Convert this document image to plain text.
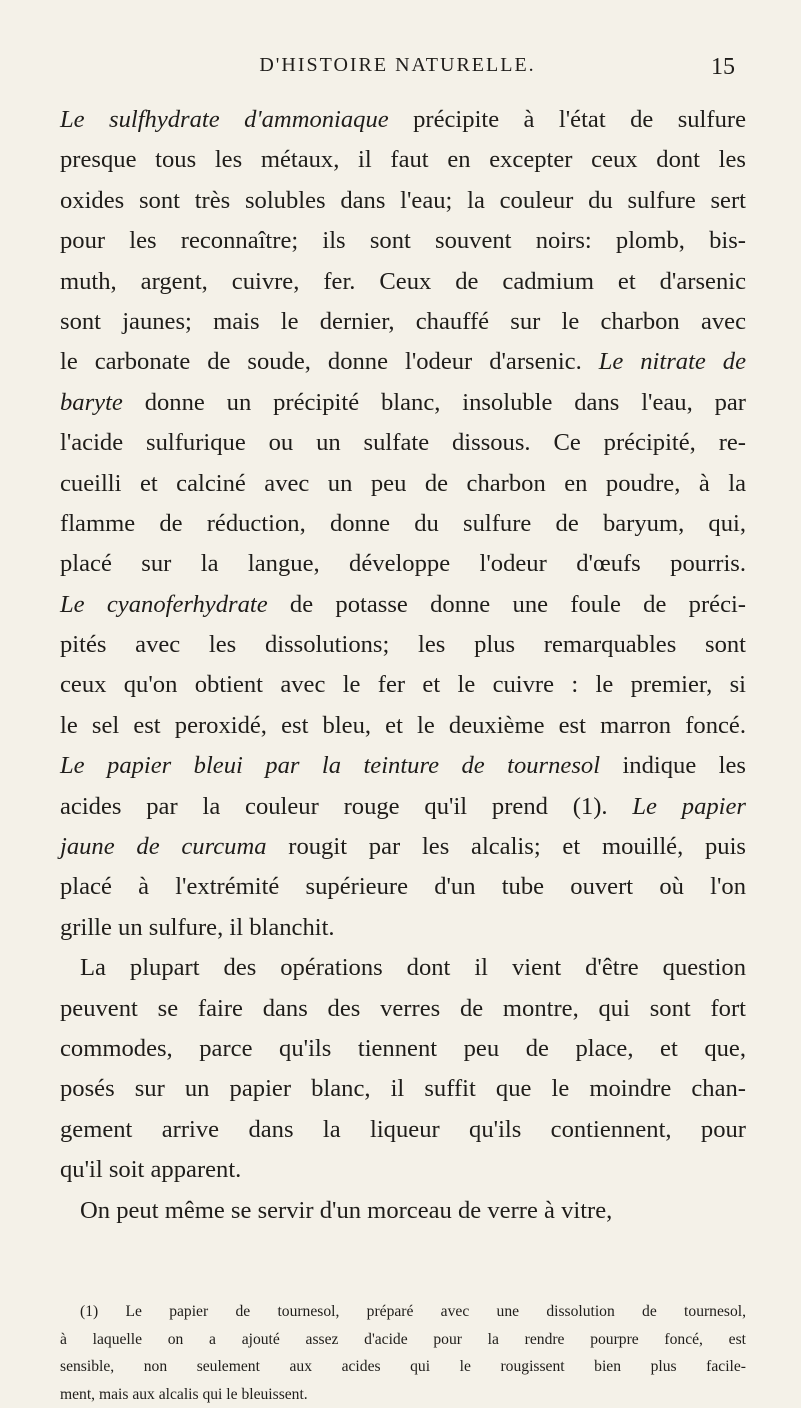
D'HISTOIRE NATURELLE.	15
Le sulfhydrate d'ammoniaque précipite à l'état de sulfure
presque tous les métaux, il faut en excepter ceux dont les
oxides sont très solubles dans l'eau; la couleur du sulfure sert
pour les reconnaître; ils sont souvent noirs: plomb, bis-
muth, argent, cuivre, fer. Ceux de cadmium et d'arsenic
sont jaunes; mais le dernier, chauffé sur le charbon avec
le carbonate de soude, donne l'odeur d'arsenic. Le nitrate de
baryte donne un précipité blanc, insoluble dans l'eau, par
l'acide sulfurique ou un sulfate dissous. Ce précipité, re-
cueilli et calciné avec un peu de charbon en poudre, à la
flamme de réduction, donne du sulfure de baryum, qui,
placé sur la langue, développe l'odeur d'œufs pourris.
Le cyanoferhydrate de potasse donne une foule de préci-
pités avec les dissolutions; les plus remarquables sont
ceux qu'on obtient avec le fer et le cuivre : le premier, si
le sel est peroxidé, est bleu, et le deuxième est marron foncé.
Le papier bleui par la teinture de tournesol indique les
acides par la couleur rouge qu'il prend (1). Le papier
jaune de curcuma rougit par les alcalis; et mouillé, puis
placé à l'extrémité supérieure d'un tube ouvert où l'on
grille un sulfure, il blanchit.
La plupart des opérations dont il vient d'être question
peuvent se faire dans des verres de montre, qui sont fort
commodes, parce qu'ils tiennent peu de place, et que,
posés sur un papier blanc, il suffit que le moindre chan-
gement arrive dans la liqueur qu'ils contiennent, pour
qu'il soit apparent.
On peut même se servir d'un morceau de verre à vitre,
(1) Le papier de tournesol, préparé avec une dissolution de tournesol,
à laquelle on a ajouté assez d'acide pour la rendre pourpre foncé, est
sensible, non seulement aux acides qui le rougissent bien plus facile-
ment, mais aux alcalis qui le bleuissent.
